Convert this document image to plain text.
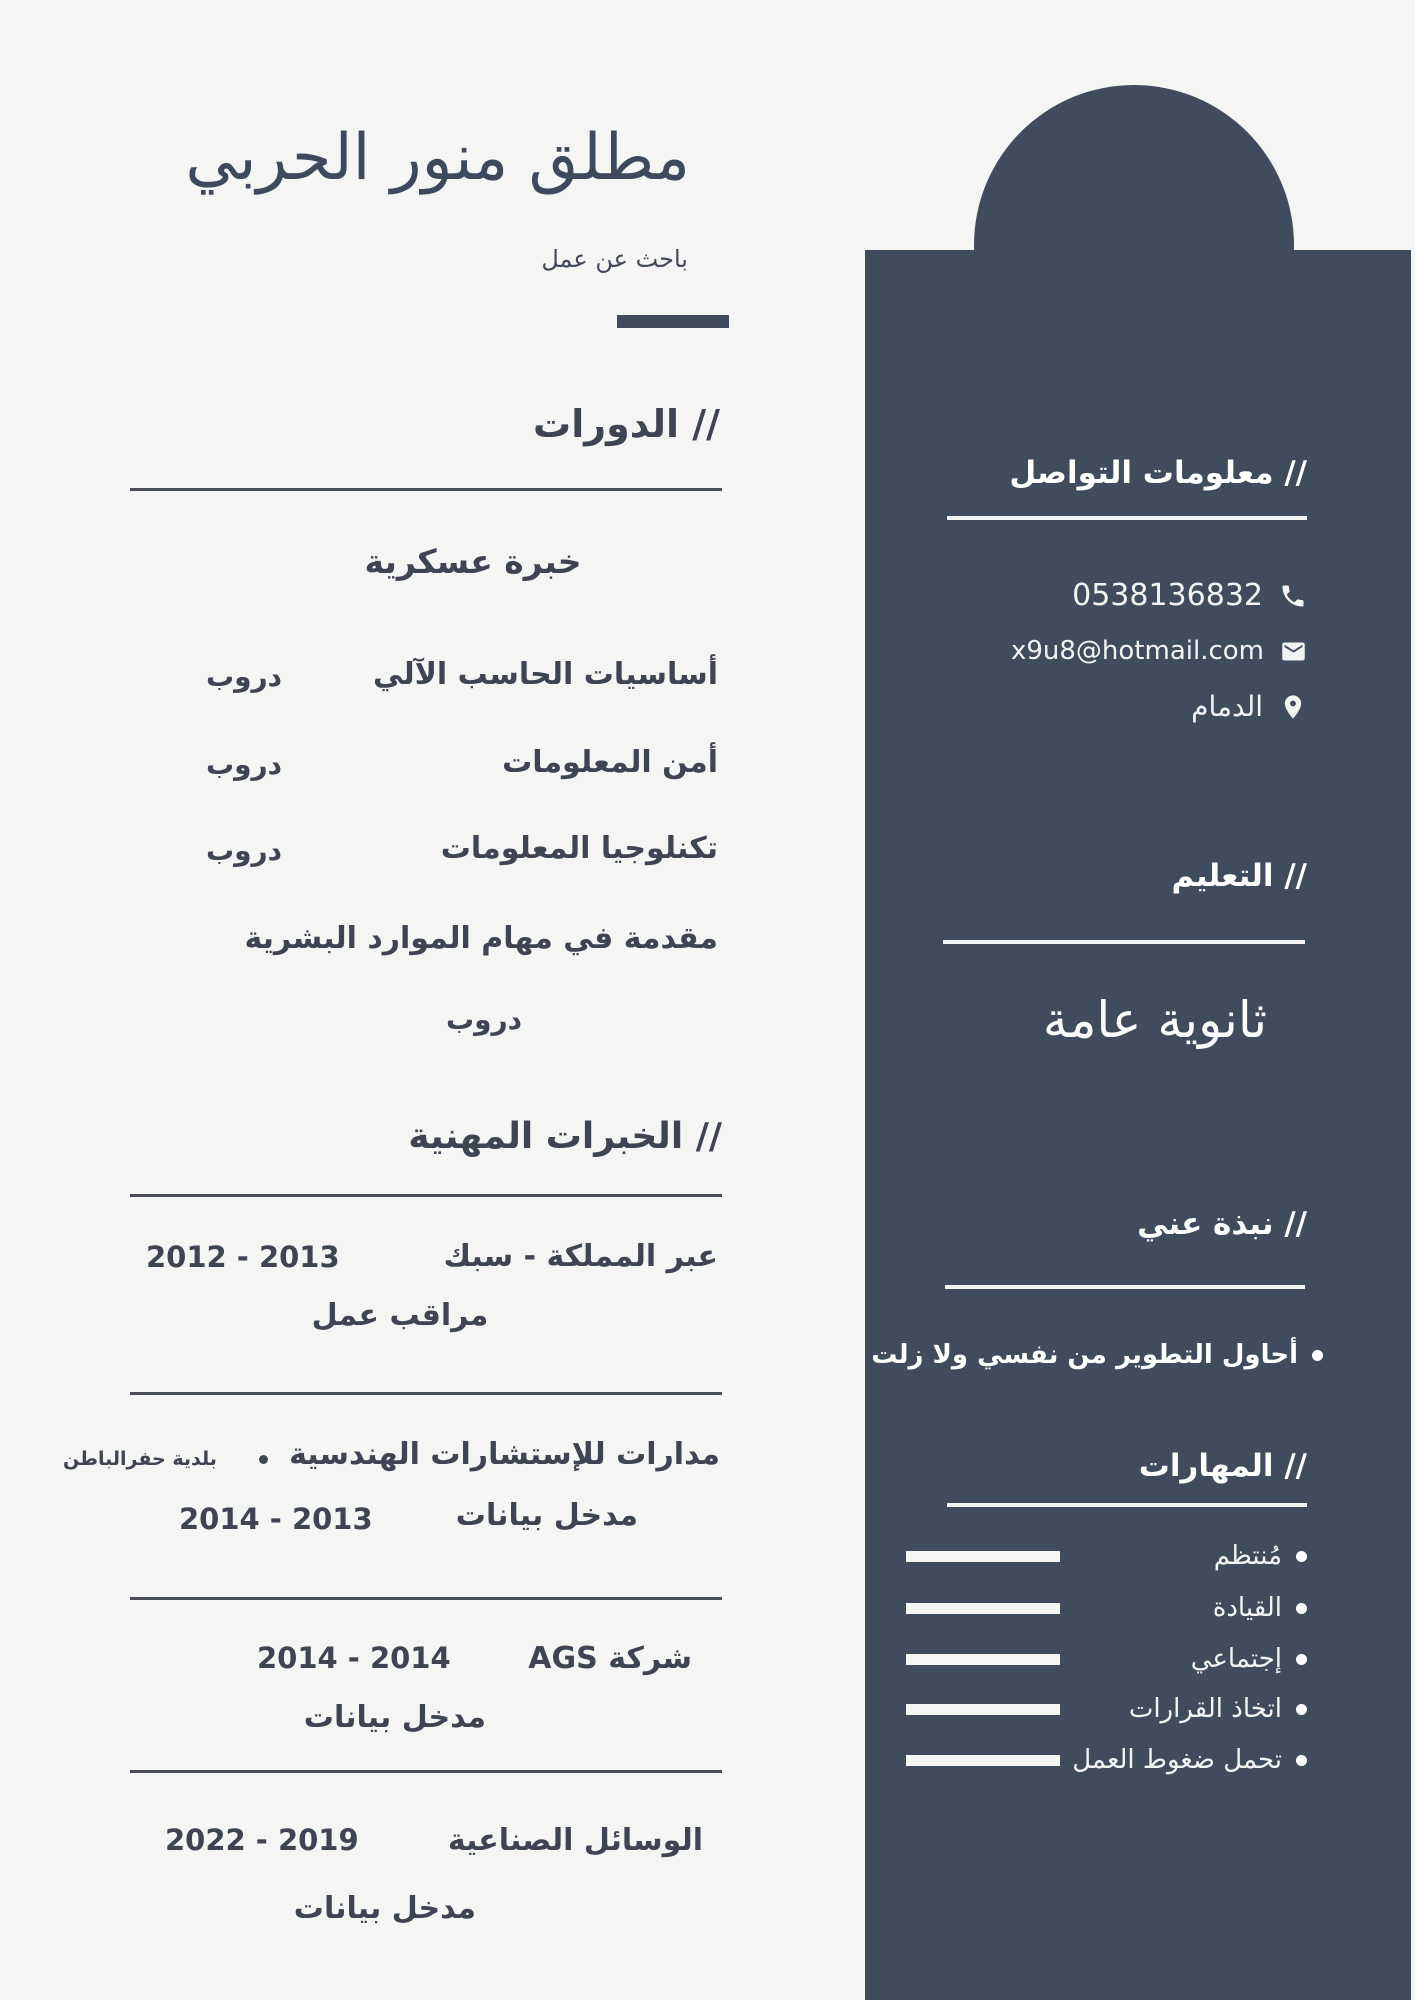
// معلومات التواصل
0538136832
x9u8@hotmail.com
الدمام
// التعليم
ثانوية عامة
// نبذة عني
أحاول التطوير من نفسي ولا زلت
// المهارات
مُنتظم
القيادة
إجتماعي
اتخاذ القرارات
تحمل ضغوط العمل
مطلق منور الحربي
باحث عن عمل
// الدورات
خبرة عسكرية
أساسيات الحاسب الآلي
دروب
أمن المعلومات
دروب
تكنلوجيا المعلومات
دروب
مقدمة في مهام الموارد البشرية
دروب
// الخبرات المهنية
عبر المملكة - سبك
2012 - 2013
مراقب عمل
مدارات للإستشارات الهندسية
بلدية حفرالباطن
مدخل بيانات
2014 - 2013
شركة AGS
2014 - 2014
مدخل بيانات
الوسائل الصناعية
2022 - 2019
مدخل بيانات
